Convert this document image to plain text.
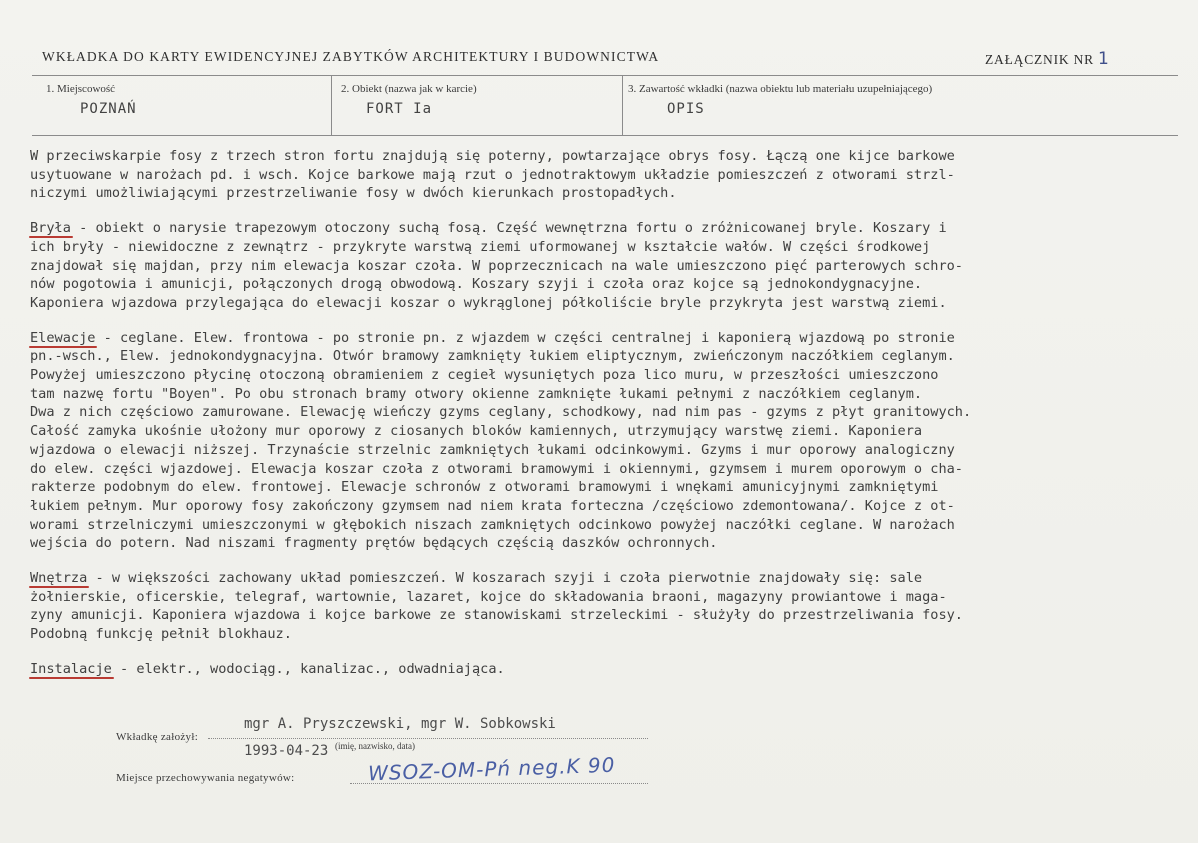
WKŁADKA DO KARTY EWIDENCYJNEJ ZABYTKÓW ARCHITEKTURY I BUDOWNICTWA	ZAŁĄCZNIK NR 1
1. Miejscowość
POZNAŃ
2. Obiekt (nazwa jak w karcie)
FORT Ia
3. Zawartość wkładki (nazwa obiektu lub materiału uzupełniającego)
OPIS
W przeciwskarpie fosy z trzech stron fortu znajdują się poterny, powtarzające obrys fosy. Łączą one kijce barkowe
usytuowane w narożach pd. i wsch. Kojce barkowe mają rzut o jednotraktowym układzie pomieszczeń z otworami strzl-
niczymi umożliwiającymi przestrzeliwanie fosy w dwóch kierunkach prostopadłych.
Bryła - obiekt o narysie trapezowym otoczony suchą fosą. Część wewnętrzna fortu o zróżnicowanej bryle. Koszary i
ich bryły - niewidoczne z zewnątrz - przykryte warstwą ziemi uformowanej w kształcie wałów. W części środkowej
znajdował się majdan, przy nim elewacja koszar czoła. W poprzecznicach na wale umieszczono pięć parterowych schro-
nów pogotowia i amunicji, połączonych drogą obwodową. Koszary szyji i czoła oraz kojce są jednokondygnacyjne.
Kaponiera wjazdowa przylegająca do elewacji koszar o wykrąglonej półkoliście bryle przykryta jest warstwą ziemi.
Elewacje - ceglane. Elew. frontowa - po stronie pn. z wjazdem w części centralnej i kaponierą wjazdową po stronie
pn.-wsch., Elew. jednokondygnacyjna. Otwór bramowy zamknięty łukiem eliptycznym, zwieńczonym naczółkiem ceglanym.
Powyżej umieszczono płycinę otoczoną obramieniem z cegieł wysuniętych poza lico muru, w przeszłości umieszczono
tam nazwę fortu "Boyen". Po obu stronach bramy otwory okienne zamknięte łukami pełnymi z naczółkiem ceglanym.
Dwa z nich częściowo zamurowane. Elewację wieńczy gzyms ceglany, schodkowy, nad nim pas - gzyms z płyt granitowych.
Całość zamyka ukośnie ułożony mur oporowy z ciosanych bloków kamiennych, utrzymujący warstwę ziemi. Kaponiera
wjazdowa o elewacji niższej. Trzynaście strzelnic zamkniętych łukami odcinkowymi. Gzyms i mur oporowy analogiczny
do elew. części wjazdowej. Elewacja koszar czoła z otworami bramowymi i okiennymi, gzymsem i murem oporowym o cha-
rakterze podobnym do elew. frontowej. Elewacje schronów z otworami bramowymi i wnękami amunicyjnymi zamkniętymi
łukiem pełnym. Mur oporowy fosy zakończony gzymsem nad niem krata forteczna /częściowo zdemontowana/. Kojce z ot-
worami strzelniczymi umieszczonymi w głębokich niszach zamkniętych odcinkowo powyżej naczółki ceglane. W narożach
wejścia do potern. Nad niszami fragmenty prętów będących częścią daszków ochronnych.
Wnętrza - w większości zachowany układ pomieszczeń. W koszarach szyji i czoła pierwotnie znajdowały się: sale
żołnierskie, oficerskie, telegraf, wartownie, lazaret, kojce do składowania braoni, magazyny prowiantowe i maga-
zyny amunicji. Kaponiera wjazdowa i kojce barkowe ze stanowiskami strzeleckimi - służyły do przestrzeliwania fosy.
Podobną funkcję pełnił blokhauz.
Instalacje - elektr., wodociąg., kanalizac., odwadniająca.
Wkładkę założył:
mgr A. Pryszczewski, mgr W. Sobkowski
1993-04-23 (imię, nazwisko, data)
Miejsce przechowywania negatywów:	WSOZ-OM-Pń neg.K 90
